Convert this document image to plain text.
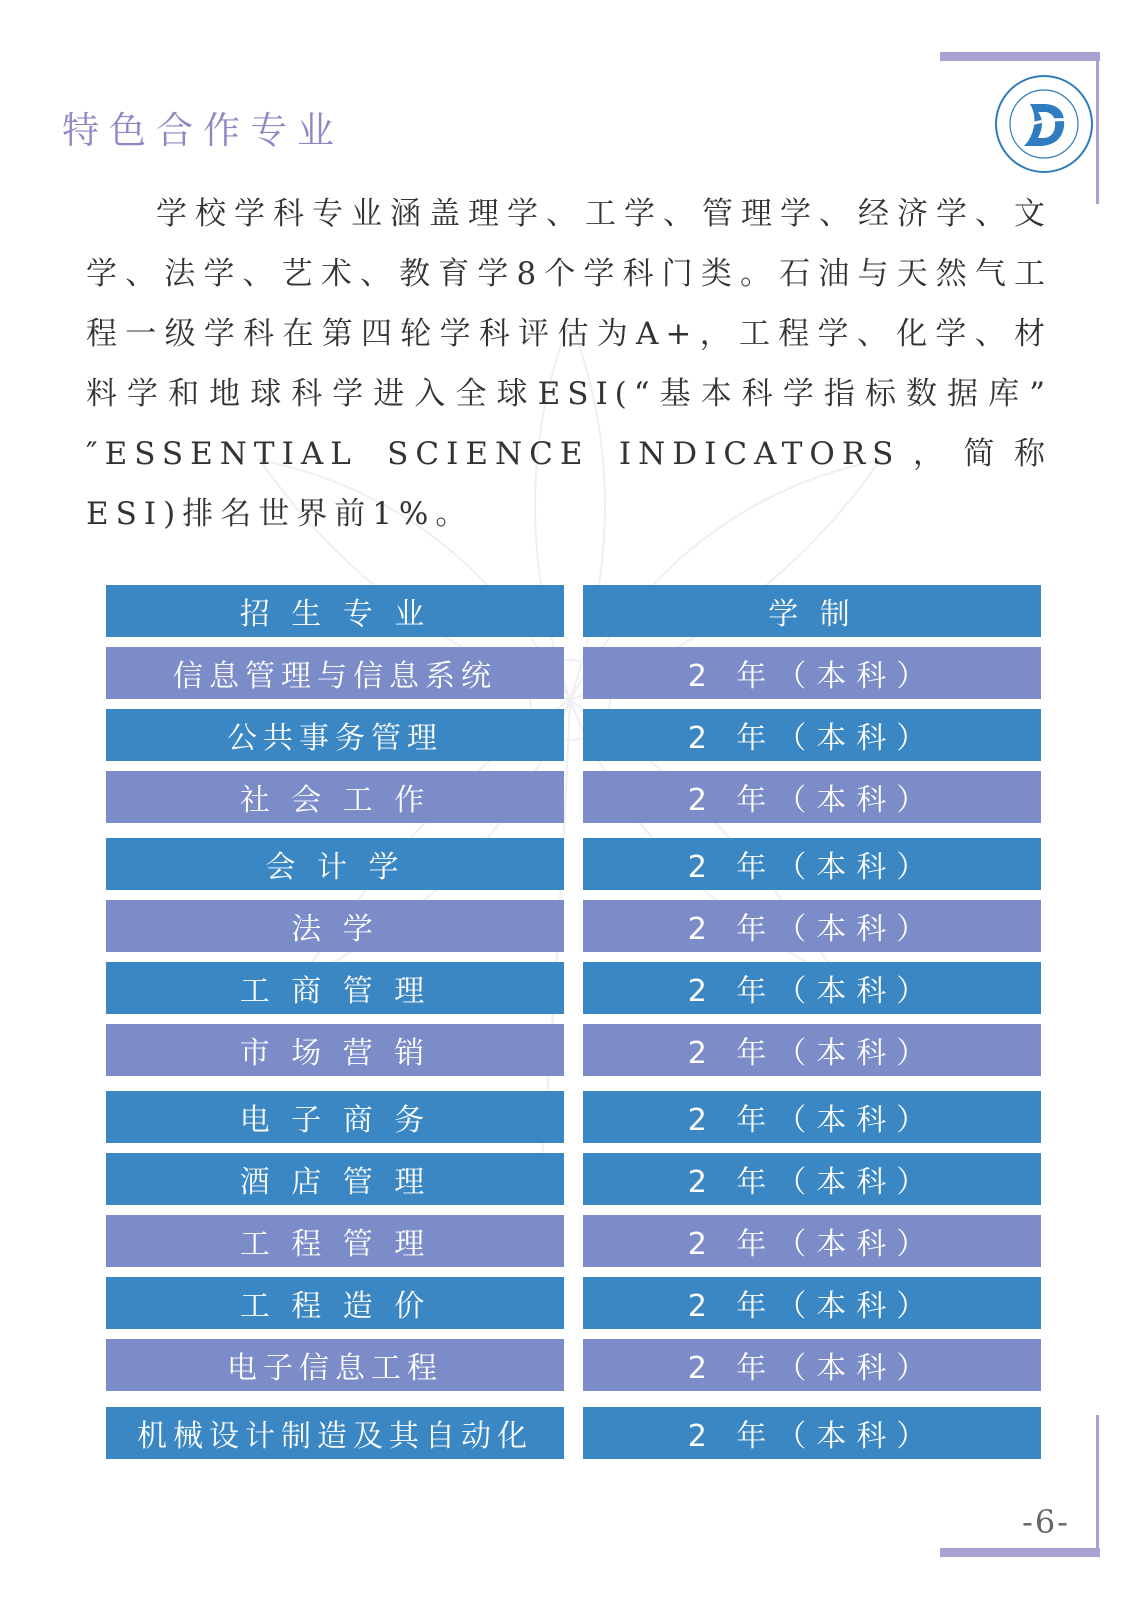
特色合作专业

学校学科专业涵盖理学、工学、管理学、经济学、文学、法学、艺术、教育学8个学科门类。石油与天然气工程一级学科在第四轮学科评估为A+，工程学、化学、材料学和地球科学进入全球ESI(“基本科学指标数据库” ″ESSENTIAL SCIENCE INDICATORS，简称ESI)排名世界前1%。

招 生 专 业	学 制
信息管理与信息系统	2 年（本科）
公共事务管理	2 年（本科）
社 会 工 作	2 年（本科）
会 计 学	2 年（本科）
法 学	2 年（本科）
工 商 管 理	2 年（本科）
市 场 营 销	2 年（本科）
电 子 商 务	2 年（本科）
酒 店 管 理	2 年（本科）
工 程 管 理	2 年（本科）
工 程 造 价	2 年（本科）
电子信息工程	2 年（本科）
机械设计制造及其自动化	2 年（本科）
-6-
